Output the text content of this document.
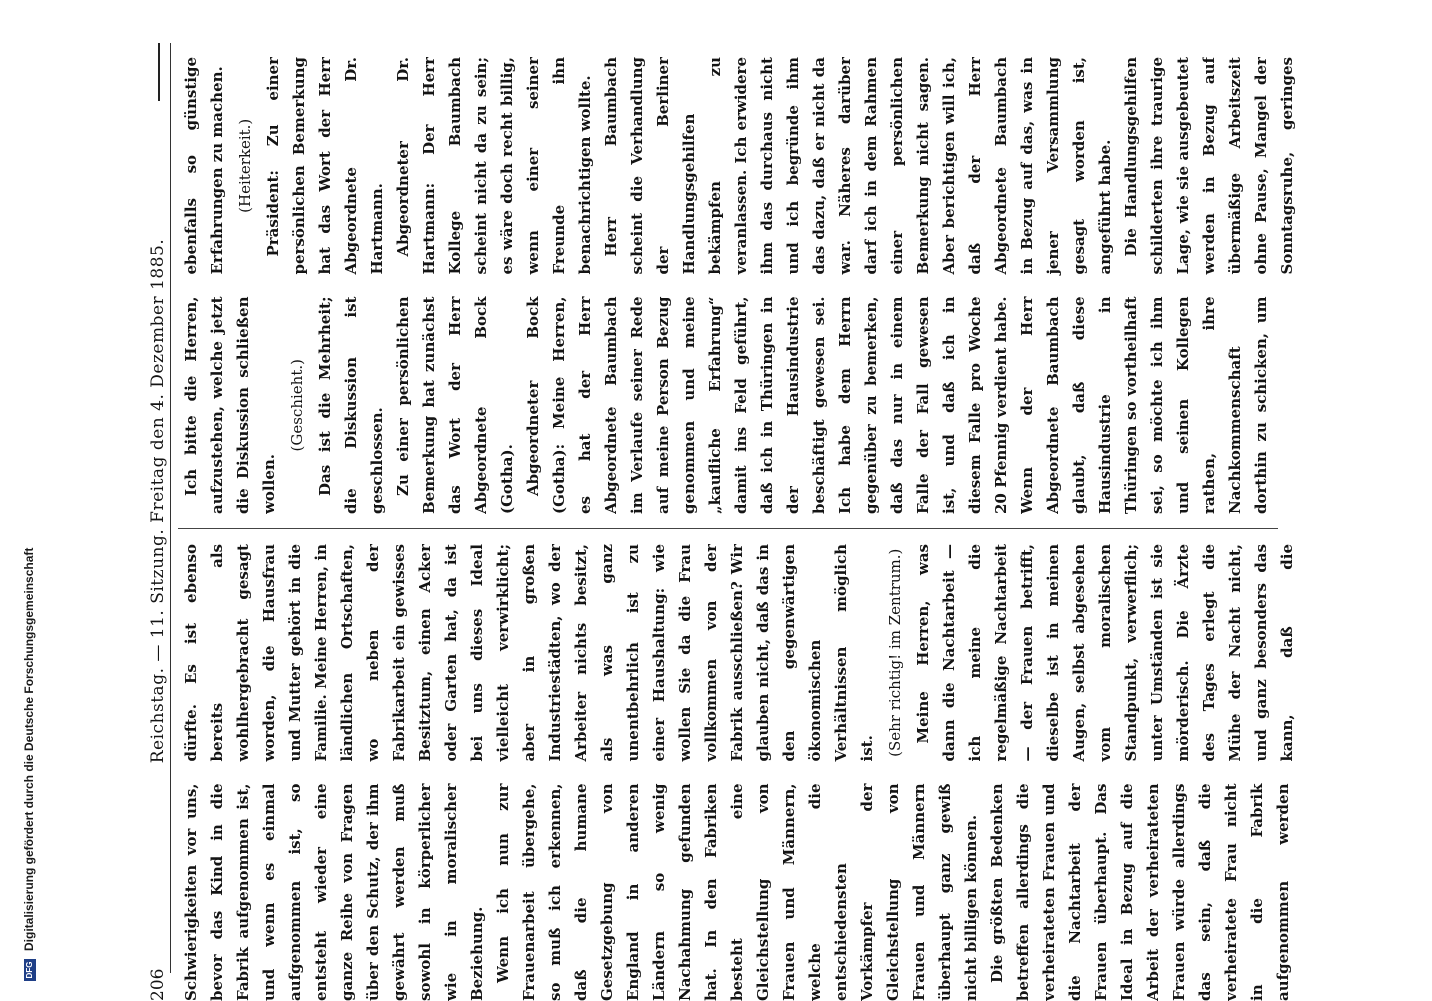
DFGDigitalisierung gefördert durch die Deutsche Forschungsgemeinschaft
206
Reichstag. — 11. Sitzung. Freitag den 4. Dezember 1885.

Schwierigkeiten vor uns, bevor das Kind in die Fabrik aufgenommen ist, und wenn es einmal aufgenommen ist, so entsteht wieder eine ganze Reihe von Fragen über den Schutz, der ihm gewährt werden muß sowohl in körperlicher wie in moralischer Beziehung. Wenn ich nun zur Frauenarbeit übergehe, so muß ich erkennen, daß die humane Gesetzgebung von England in anderen Ländern so wenig Nachahmung gefunden hat. In den Fabriken besteht eine Gleichstellung von Frauen und Männern, welche die entschiedensten Vorkämpfer der Gleichstellung von Frauen und Männern überhaupt ganz gewiß nicht billigen können. Die größten Bedenken betreffen allerdings die verheirateten Frauen und die Nachtarbeit der Frauen überhaupt. Das Ideal in Bezug auf die Arbeit der verheirateten Frauen würde allerdings das sein, daß die verheiratete Frau nicht in die Fabrik aufgenommen werden dürfte. Es ist ebenso bereits als wohlhergebracht gesagt worden, die Hausfrau und Mutter gehört in die Familie. Meine Herren, in ländlichen Ortschaften, wo neben der Fabrikarbeit ein gewisses Besitztum, einen Acker oder Garten hat, da ist bei uns dieses Ideal vielleicht verwirklicht; aber in großen Industriestädten, wo der Arbeiter nichts besitzt, als was ganz unentbehrlich ist zu einer Haushaltung: wie wollen Sie da die Frau vollkommen von der Fabrik ausschließen? Wir glauben nicht, daß das in den gegenwärtigen ökonomischen Verhältnissen möglich ist. (Sehr richtig! im Zentrum.) Meine Herren, was dann die Nachtarbeit — ich meine die regelmäßige Nachtarbeit — der Frauen betrifft, dieselbe ist in meinen Augen, selbst abgesehen vom moralischen Standpunkt, verwerflich; unter Umständen ist sie mörderisch. Die Ärzte des Tages erlegt die Mühe der Nacht nicht, und ganz besonders das kann, daß die

Ich bitte die Herren, aufzustehen, welche jetzt die Diskussion schließen wollen.

(Geschieht.) Das ist die Mehrheit; die Diskussion ist geschlossen. Zu einer persönlichen Bemerkung hat zunächst das Wort der Herr Abgeordnete Bock (Gotha). Abgeordneter Bock (Gotha): Meine Herren, es hat der Herr Abgeordnete Baumbach im Verlaufe seiner Rede auf meine Person Bezug genommen und meine „kaufliche Erfahrung“ damit ins Feld geführt, daß ich in Thüringen in der Hausindustrie beschäftigt gewesen sei. Ich habe dem Herrn gegenüber zu bemerken, daß das nur in einem Falle der Fall gewesen ist, und daß ich in diesem Falle pro Woche 20 Pfennig verdient habe. Wenn der Herr Abgeordnete Baumbach glaubt, daß diese Hausindustrie in Thüringen so vortheilhaft sei, so möchte ich ihm und seinen Kollegen rathen, ihre Nachkommenschaft dorthin zu schicken, um ebenfalls so günstige Erfahrungen zu machen. (Heiterkeit.) Präsident: Zu einer persönlichen Bemerkung hat das Wort der Herr Abgeordnete Dr. Hartmann. Abgeordneter Dr. Hartmann: Der Herr Kollege Baumbach scheint nicht da zu sein; es wäre doch recht billig, wenn einer seiner Freunde ihn benachrichtigen wollte. Herr Baumbach scheint die Verhandlung der Berliner Handlungsgehilfen bekämpfen zu veranlassen. Ich erwidere ihm das durchaus nicht und ich begründe ihm das dazu, daß er nicht da war. Näheres darüber darf ich in dem Rahmen einer persönlichen Bemerkung nicht sagen. Aber berichtigen will ich, daß der Herr Abgeordnete Baumbach in Bezug auf das, was in jener Versammlung gesagt worden ist, angeführt habe. Die Handlungsgehilfen schilderten ihre traurige Lage, wie sie ausgebeutet werden in Bezug auf übermäßige Arbeitszeit ohne Pause, Mangel der Sonntagsruhe, geringes
